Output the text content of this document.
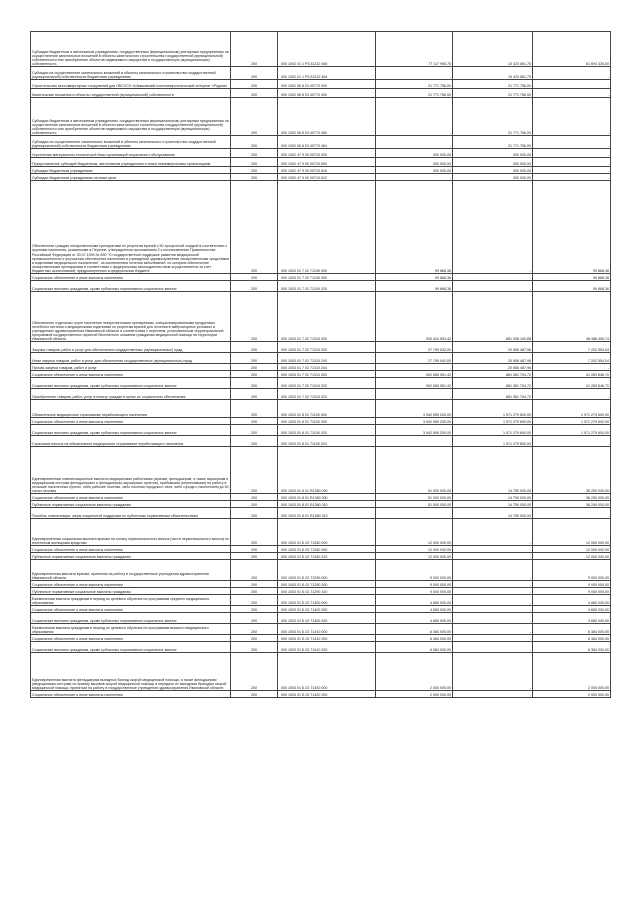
Субсидии бюджетным и автономным учреждениям, государственным (муниципальным) унитарным предприятиям на осуществление капитальных вложений в объекты капитального строительства государственной (муниципальной) собственности или приобретение объектов недвижимого имущества в государственную (муниципальную) собственность	200	000 1002 01 1 Р3 51212 460	77 117 906,75	15 423 581,75	61 694 325,00
Субсидии на осуществление капитальных вложений в объекты капитального строительства государственной (муниципальной) собственности бюджетным учреждениям	200	000 1002 01 1 Р3 51212 464	-	15 423 581,75	-
Строительство многоквартирных сооружений для ОБСУСО «Шекшовский психоневрологический интернат «Родник»	200	000 1002 08 8 03 40770 000	21 771 756,00	21 771 756,00	-
Капитальные вложения в объекты государственной (муниципальной) собственности	200	000 1002 08 8 03 40770 400	21 771 756,00	21 771 756,00	-
Субсидии бюджетным и автономным учреждениям, государственным (муниципальным) унитарным предприятиям на осуществление капитальных вложений в объекты капитального строительства государственной (муниципальной) собственности или приобретение объектов недвижимого имущества в государственную (муниципальную) собственность	200	000 1002 08 8 03 40770 460	-	21 771 756,00	-
Субсидии на осуществление капитальных вложений в объекты капитального строительства государственной (муниципальной) собственности бюджетным учреждениям	200	000 1002 08 8 03 40770 464	-	21 771 756,00	-
Укрепление материально-технической базы организаций социального обслуживания	200	000 1002 47 9 00 00710 000	300 000,00	300 000,00	-
Предоставление субсидий бюджетным, автономным учреждениям и иным некоммерческим организациям	200	000 1002 47 9 00 00710 600	300 000,00	300 000,00	-
Субсидии бюджетным учреждениям	200	000 1002 47 9 00 00710 610	300 000,00	300 000,00	-
Субсидии бюджетным учреждениям на иные цели	200	000 1002 47 9 00 00710 612	-	300 000,00	-
Обеспечение граждан лекарственными препаратами по рецептам врачей с 50-процентной скидкой в соответствии с группами населения, указанными в Перечне, утвержденном приложением 2 к постановлению Правительства Российской Федерации от 30.07.1994 № 890 "О государственной поддержке развития медицинской промышленности и улучшении обеспечения населения и учреждений здравоохранения лекарственными средствами и изделиями медицинского назначения", за исключением лечения заболеваний, по которым обеспечение лекарственными препаратами в соответствии с федеральным законодательством осуществляется за счет бюджетных ассигнований, предусмотренных в федеральном бюджете	200	000 1003 01 7 02 71240 000	99 868,36	-	99 868,36
Социальное обеспечение и иные выплаты населению	200	000 1003 01 7 02 71240 300	99 868,36	-	99 868,36
Социальные выплаты гражданам, кроме публичных нормативных социальных выплат	200	000 1003 01 7 02 71240 320	99 868,36	-	99 868,36
Обеспечение отдельных групп населения лекарственными препаратами, специализированными продуктами лечебного питания и медицинскими изделиями по рецептам врачей для лечения в амбулаторных условиях в учреждениях здравоохранения Ивановской области в соответствии с перечнем, установленным территориальной программой государственных гарантий бесплатного оказания гражданам медицинской помощи на территории Ивановской области	200	000 1003 01 7 02 71310 000	930 424 593,42	881 938 192,68	48 486 400,74
Закупка товаров, работ и услуг для обеспечения государственных (муниципальных) нужд	200	000 1003 01 7 02 71310 200	27 759 042,00	20 556 487,96	7 202 554,04
Иные закупки товаров, работ и услуг для обеспечения государственных (муниципальных) нужд	200	000 1003 01 7 02 71310 240	27 759 042,00	20 556 487,96	7 202 554,04
Прочая закупка товаров, работ и услуг	200	000 1003 01 7 02 71310 244	-	20 556 487,96	-
Социальное обеспечение и иные выплаты населению	200	000 1003 01 7 02 71310 300	902 665 551,42	861 381 704,72	41 283 846,70
Социальные выплаты гражданам, кроме публичных нормативных социальных выплат	200	000 1003 01 7 02 71310 320	902 665 551,42	861 381 704,72	41 283 846,70
Приобретение товаров, работ, услуг в пользу граждан в целях их социального обеспечения	200	000 1003 01 7 02 71310 323	-	861 381 704,72	-
Обязательное медицинское страхование неработающего населения	200	000 1003 01 8 01 71100 000	3 942 559 200,00	1 971 279 600,00	1 971 279 600,00
Социальное обеспечение и иные выплаты населению	200	000 1003 01 8 01 71100 300	3 942 559 200,00	1 971 279 600,00	1 971 279 600,00
Социальные выплаты гражданам, кроме публичных нормативных социальных выплат	200	000 1003 01 8 01 71100 320	3 942 559 200,00	1 971 279 600,00	1 971 279 600,00
Страховые взносы на обязательное медицинское страхование неработающего населения	200	000 1003 01 8 01 71100 324	-	1 971 279 600,00	-
Единовременные компенсационные выплаты медицинским работникам (врачам, фельдшерам, а также акушеркам и медицинским сестрам фельдшерских и фельдшерско-акушерских пунктов), прибывшим (переехавшим) на работу в сельские населенные пункты, либо рабочие поселки, либо поселки городского типа, либо города с населением до 50 тысяч человек	200	000 1003 01 8 01 R1380 000	51 000 000,00	14 750 000,00	36 250 000,00
Социальное обеспечение и иные выплаты населению	200	000 1003 01 8 01 R1380 300	51 000 000,00	14 750 000,00	36 250 000,00
Публичные нормативные социальные выплаты гражданам	200	000 1003 01 8 01 R1380 310	51 000 000,00	14 750 000,00	36 250 000,00
Пособия, компенсации, меры социальной поддержки по публичным нормативным обязательствам	200	000 1003 01 8 01 R1380 313	-	14 750 000,00	-
Единовременная социальная выплата врачам на оплату первоначального взноса (части первоначального взноса) по ипотечным жилищным кредитам	200	000 1003 01 Б 02 71260 000	12 000 000,00	-	12 000 000,00
Социальное обеспечение и иные выплаты населению	200	000 1003 01 Б 02 71260 300	12 000 000,00	-	12 000 000,00
Публичные нормативные социальные выплаты гражданам	200	000 1003 01 Б 02 71260 310	12 000 000,00	-	12 000 000,00
Единовременная выплата врачам, принятым на работу в государственные учреждения здравоохранения Ивановской области	200	000 1003 01 Б 02 71290 000	9 000 000,00	-	9 000 000,00
Социальное обеспечение и иные выплаты населению	200	000 1003 01 Б 02 71290 300	9 000 000,00	-	9 000 000,00
Публичные нормативные социальные выплаты гражданам	200	000 1003 01 Б 02 71290 310	9 000 000,00	-	9 000 000,00
Ежемесячная выплата гражданам в период их целевого обучения по программам среднего медицинского образования	200	000 1003 01 Б 02 71400 000	4 680 000,00	-	4 680 000,00
Социальное обеспечение и иные выплаты населению	200	000 1003 01 Б 02 71400 300	4 680 000,00	-	4 680 000,00
Социальные выплаты гражданам, кроме публичных нормативных социальных выплат	200	000 1003 01 Б 02 71400 320	4 680 000,00	-	4 680 000,00
Ежемесячная выплата гражданам в период их целевого обучения по программам высшего медицинского образования	200	000 1003 01 Б 02 71410 000	6 384 000,00	-	6 384 000,00
Социальное обеспечение и иные выплаты населению	200	000 1003 01 Б 02 71410 300	6 384 000,00	-	6 384 000,00
Социальные выплаты гражданам, кроме публичных нормативных социальных выплат	200	000 1003 01 Б 02 71410 320	6 384 000,00	-	6 384 000,00
Единовременная выплата фельдшерам выездных бригад скорой медицинской помощи, а также фельдшерам (медицинским сестрам) по приему вызовов скорой медицинской помощи и передаче их выездным бригадам скорой медицинской помощи, принятым на работу в государственные учреждения здравоохранения Ивановской области	200	000 1003 01 Б 02 71420 000	2 000 000,00	-	2 000 000,00
Социальное обеспечение и иные выплаты населению	200	000 1003 01 Б 02 71420 300	2 000 000,00	-	2 000 000,00
